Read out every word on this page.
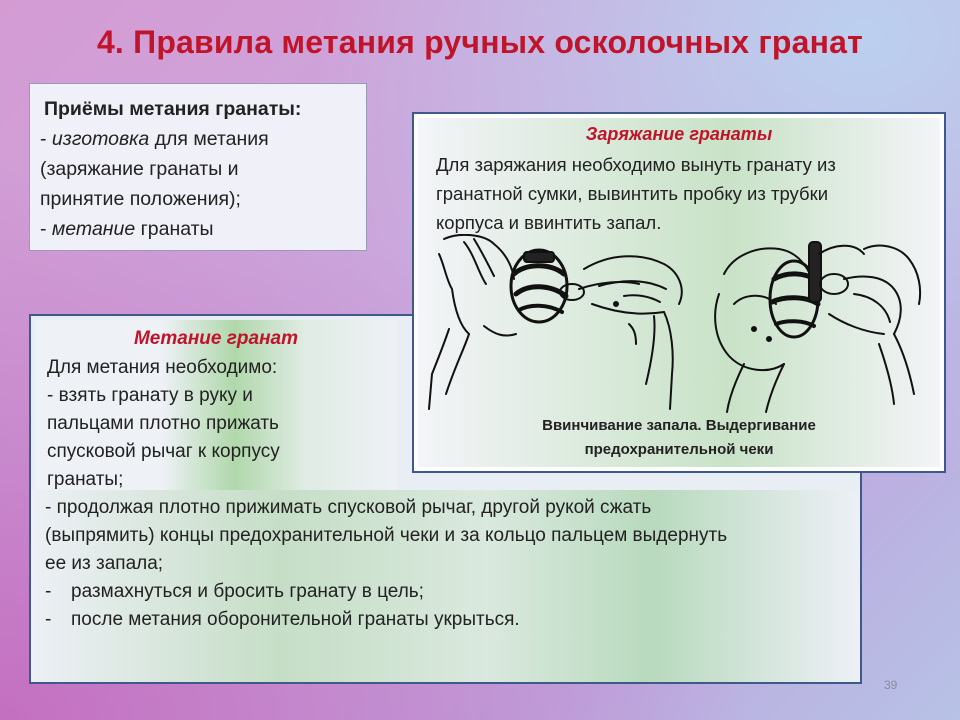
4. Правила метания ручных осколочных гранат
Приёмы метания гранаты:
- изготовка для метания
(заряжание гранаты и
принятие положения);
- метание гранаты
Метание гранат
Для метания необходимо:
- взять гранату в руку и
пальцами плотно прижать
спусковой рычаг к корпусу
гранаты;
- продолжая плотно прижимать спусковой рычаг, другой рукой сжать
(выпрямить) концы предохранительной чеки и за кольцо пальцем выдернуть
ее из запала;
-	размахнуться и бросить гранату в цель;
-	после метания оборонительной гранаты укрыться.
Заряжание гранаты
Для заряжания необходимо вынуть гранату из
гранатной сумки, вывинтить пробку из трубки
корпуса и ввинтить запал.
Ввинчивание запала. Выдергивание
предохранительной чеки
39
